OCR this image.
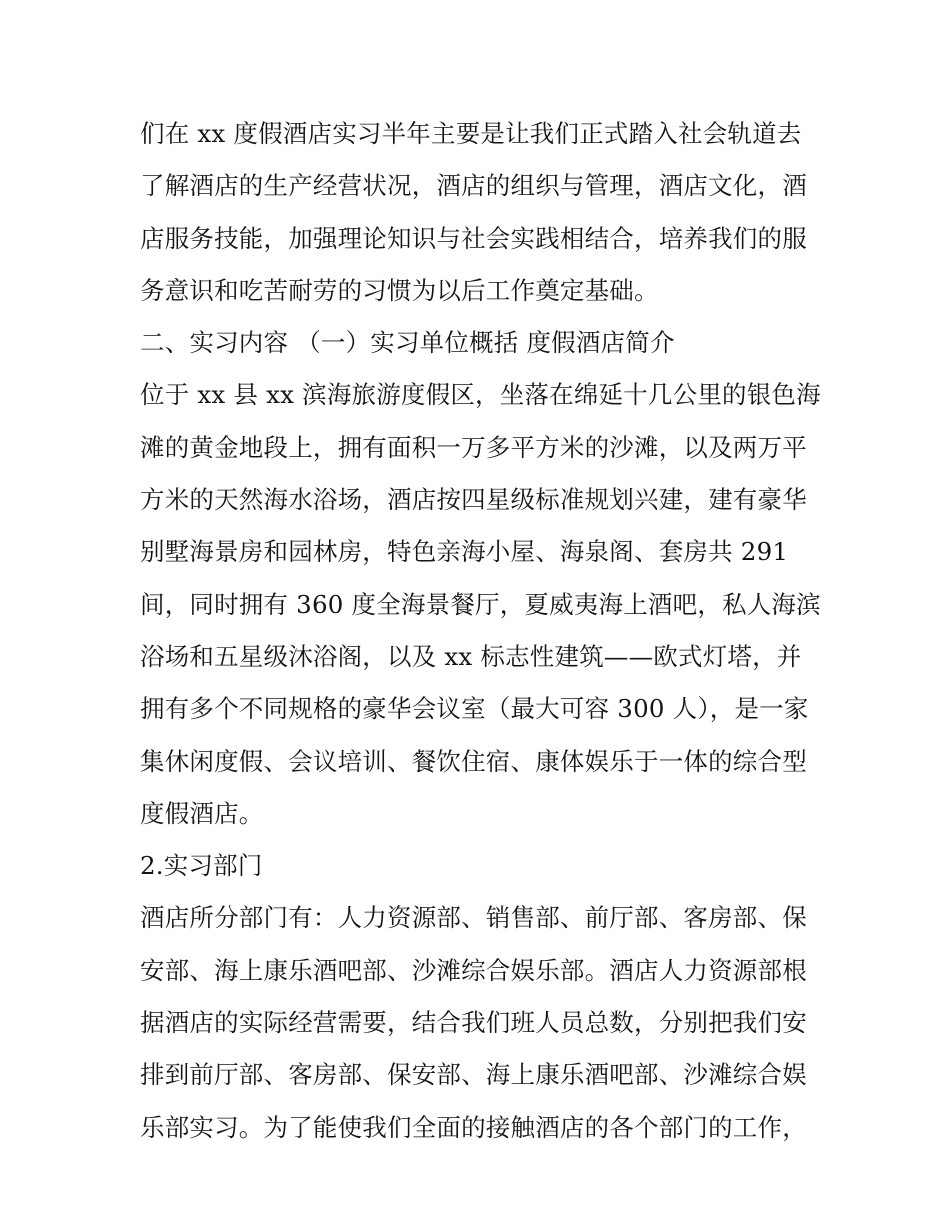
们在 xx 度假酒店实习半年主要是让我们正式踏入社会轨道去
了解酒店的生产经营状况，酒店的组织与管理，酒店文化，酒
店服务技能，加强理论知识与社会实践相结合，培养我们的服
务意识和吃苦耐劳的习惯为以后工作奠定基础。
二、实习内容 （一）实习单位概括 度假酒店简介
位于 xx 县 xx 滨海旅游度假区，坐落在绵延十几公里的银色海
滩的黄金地段上，拥有面积一万多平方米的沙滩，以及两万平
方米的天然海水浴场，酒店按四星级标准规划兴建，建有豪华
别墅海景房和园林房，特色亲海小屋、海泉阁、套房共 291
间，同时拥有 360 度全海景餐厅，夏威夷海上酒吧，私人海滨
浴场和五星级沐浴阁，以及 xx 标志性建筑——欧式灯塔，并
拥有多个不同规格的豪华会议室（最大可容 300 人），是一家
集休闲度假、会议培训、餐饮住宿、康体娱乐于一体的综合型
度假酒店。
2.实习部门
酒店所分部门有：人力资源部、销售部、前厅部、客房部、保
安部、海上康乐酒吧部、沙滩综合娱乐部。酒店人力资源部根
据酒店的实际经营需要，结合我们班人员总数，分别把我们安
排到前厅部、客房部、保安部、海上康乐酒吧部、沙滩综合娱
乐部实习。为了能使我们全面的接触酒店的各个部门的工作，
